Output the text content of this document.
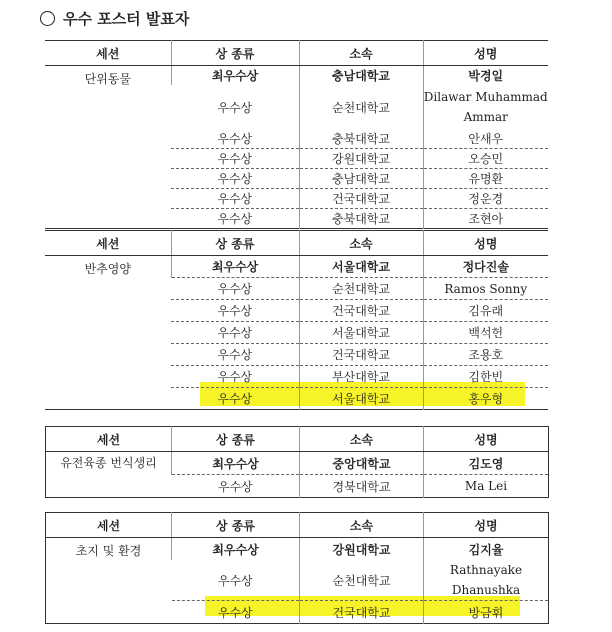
우수 포스터 발표자
세션	상 종류	소속	성명
단위동물	최우수상	충남대학교	박경일
	우수상	순천대학교	Dilawar Muhammad Ammar
	우수상	충북대학교	안새우
	우수상	강원대학교	오승민
	우수상	충남대학교	유명환
	우수상	건국대학교	정운경
	우수상	충북대학교	조현아
세션	상 종류	소속	성명
반추영양	최우수상	서울대학교	정다진솔
	우수상	순천대학교	Ramos Sonny
	우수상	건국대학교	김유래
	우수상	서울대학교	백석헌
	우수상	건국대학교	조용호
	우수상	부산대학교	김한빈
	우수상	서울대학교	홍우형
세션	상 종류	소속	성명
유전육종 번식생리	최우수상	중앙대학교	김도영
	우수상	경북대학교	Ma Lei
세션	상 종류	소속	성명
초지 및 환경	최우수상	강원대학교	김지율
	우수상	순천대학교	Rathnayake Dhanushka
	우수상	건국대학교	방금휘
